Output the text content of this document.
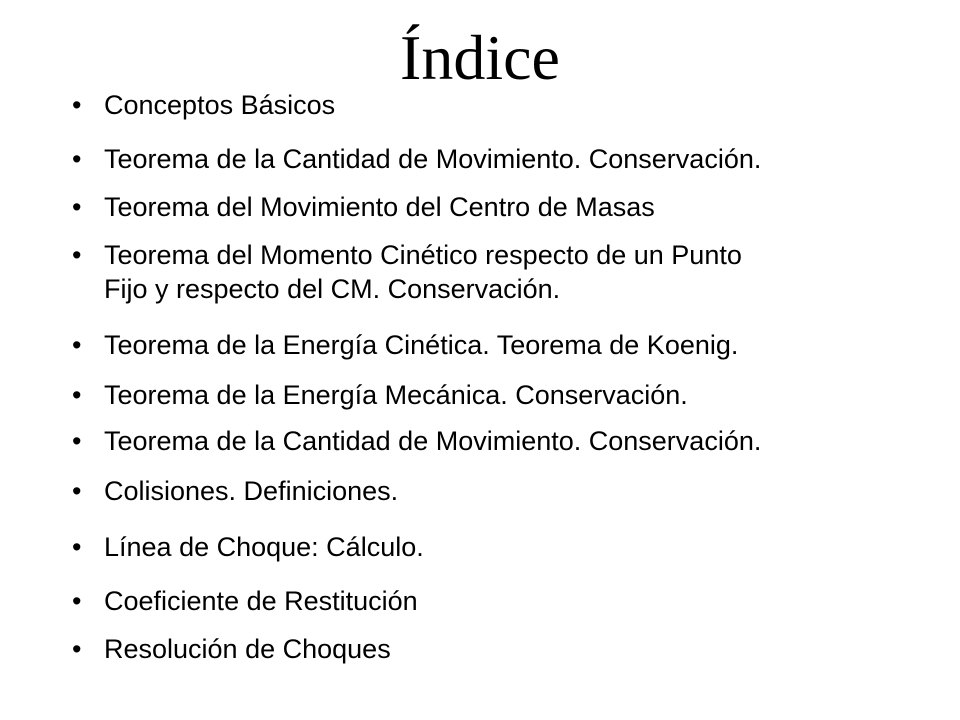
Índice
• Conceptos Básicos
• Teorema de la Cantidad de Movimiento. Conservación.
• Teorema del Movimiento del Centro de Masas
• Teorema del Momento Cinético respecto de un Punto
Fijo y respecto del CM. Conservación.
• Teorema de la Energía Cinética. Teorema de Koenig.
• Teorema de la Energía Mecánica. Conservación.
• Teorema de la Cantidad de Movimiento. Conservación.
• Colisiones. Definiciones.
• Línea de Choque: Cálculo.
• Coeficiente de Restitución
• Resolución de Choques
